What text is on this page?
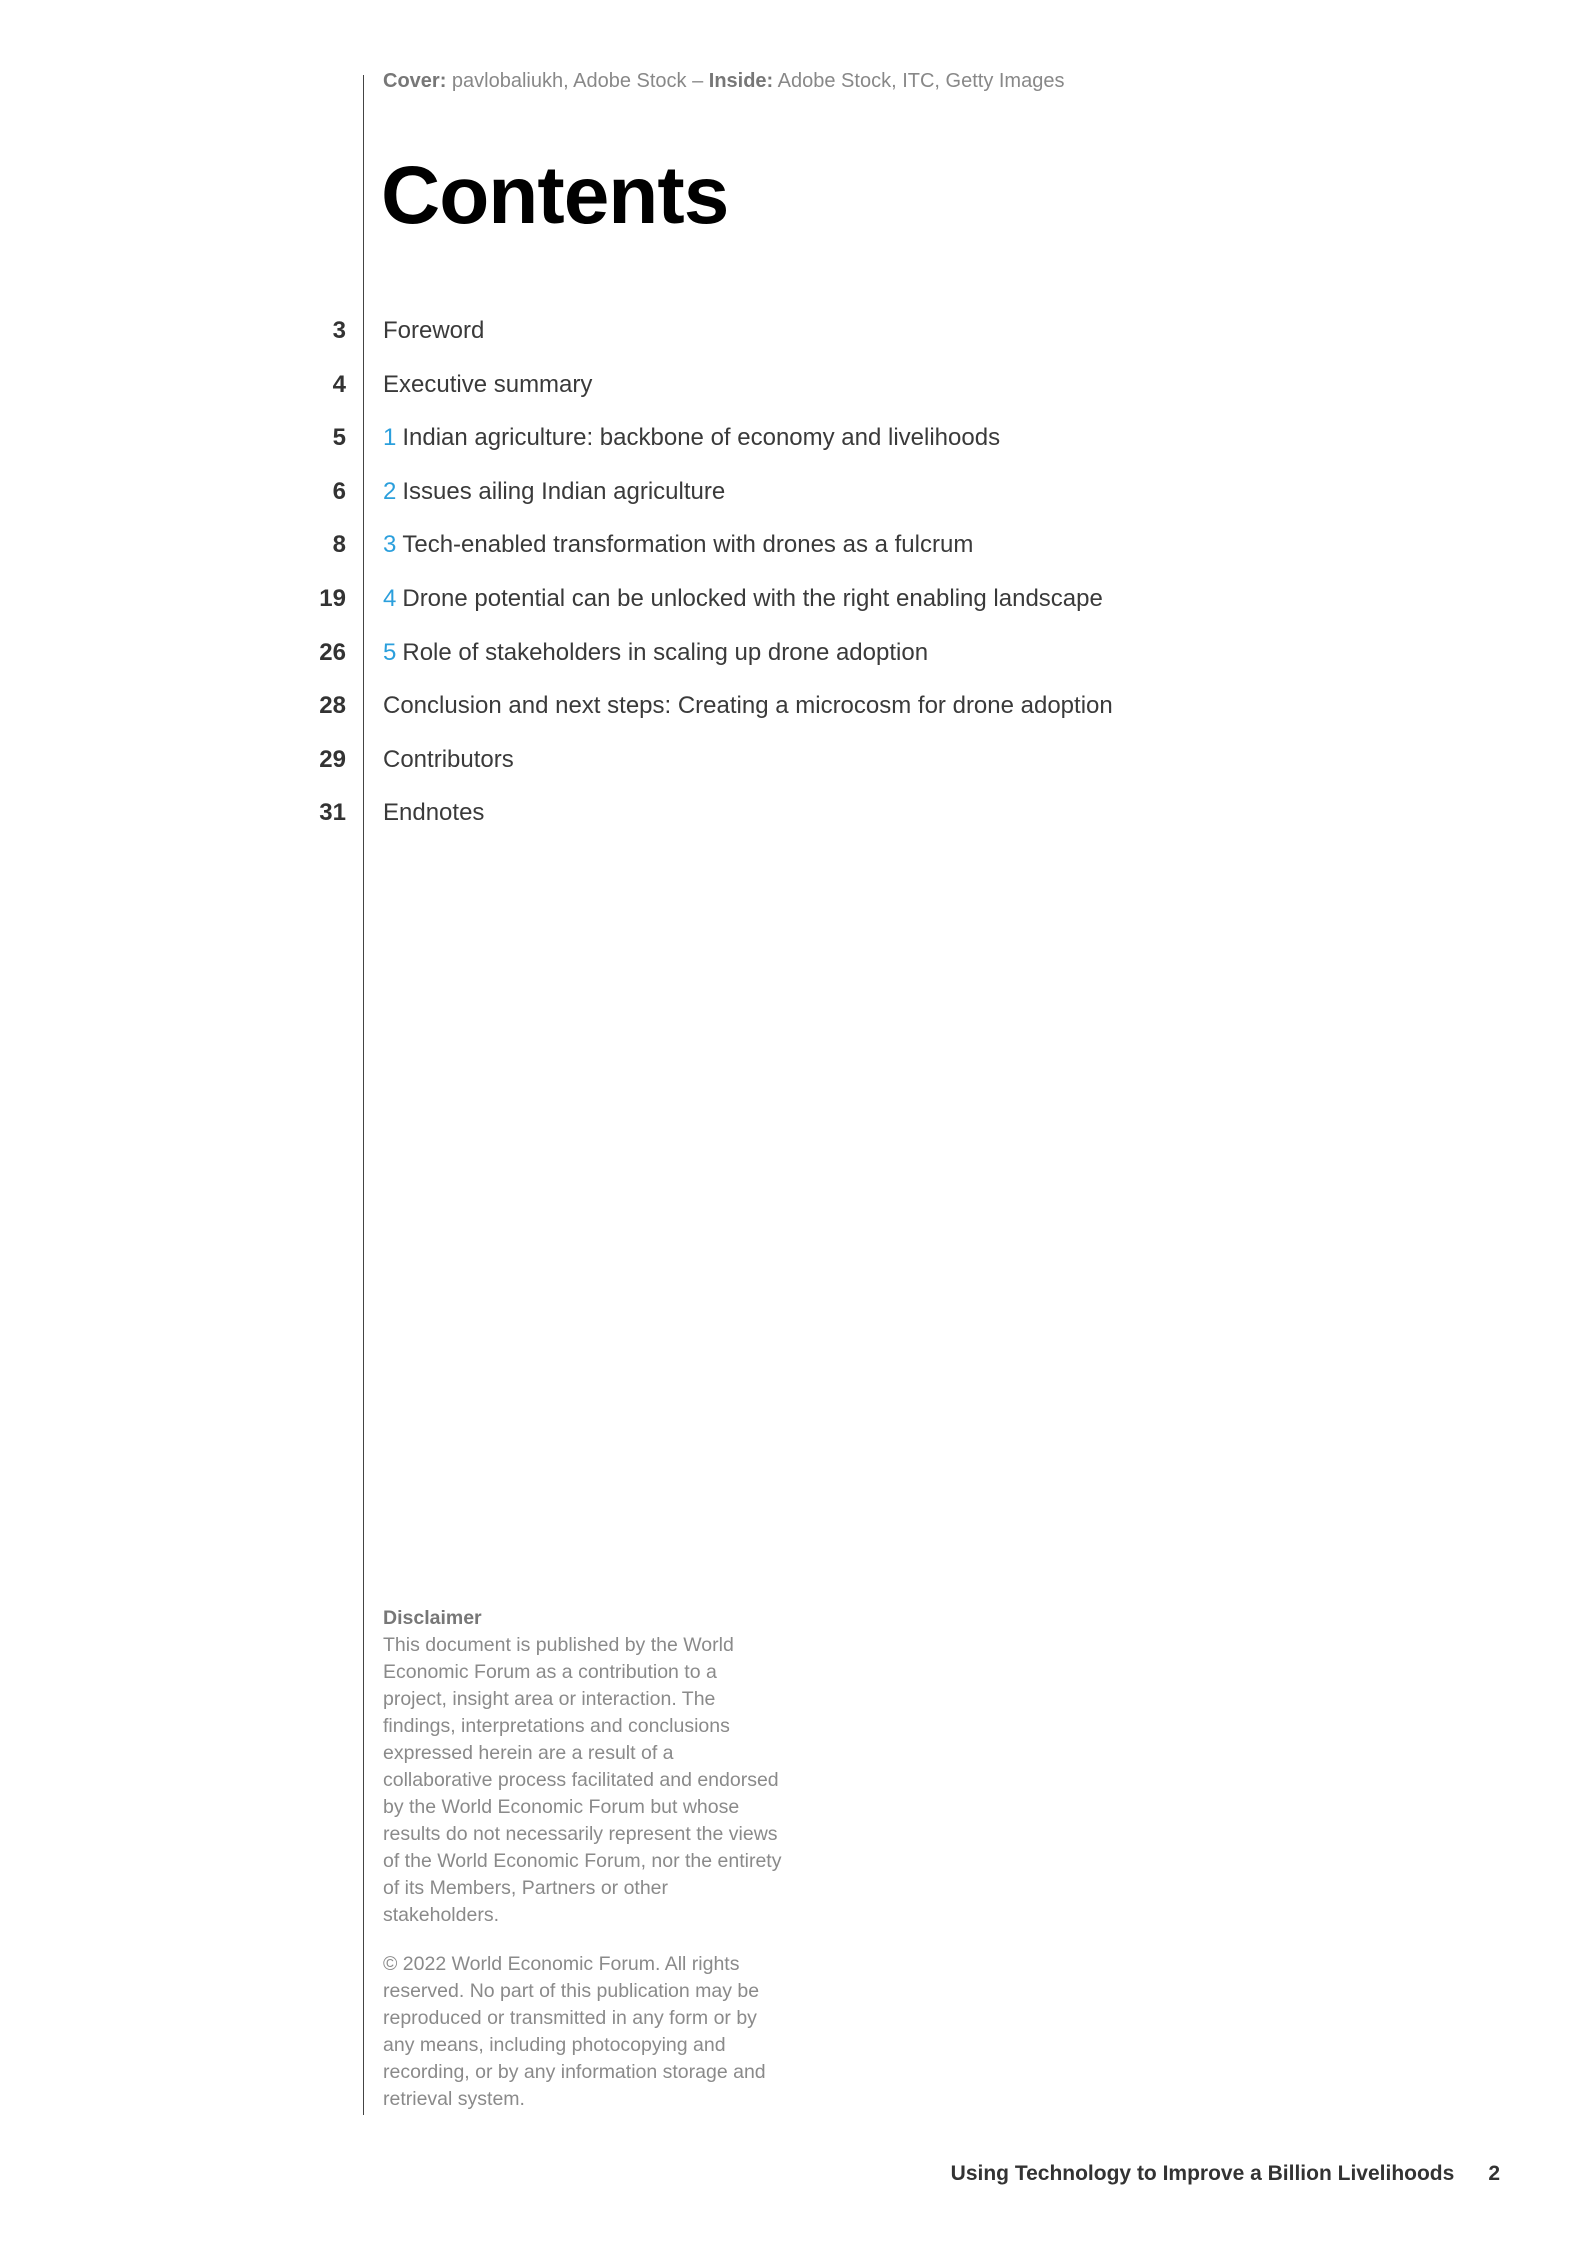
Cover: pavlobaliukh, Adobe Stock – Inside: Adobe Stock, ITC, Getty Images
Contents
3 Foreword
4 Executive summary
5 1 Indian agriculture: backbone of economy and livelihoods
6 2 Issues ailing Indian agriculture
8 3 Tech-enabled transformation with drones as a fulcrum
19 4 Drone potential can be unlocked with the right enabling landscape
26 5 Role of stakeholders in scaling up drone adoption
28 Conclusion and next steps: Creating a microcosm for drone adoption
29 Contributors
31 Endnotes

Disclaimer

This document is published by the World Economic Forum as a contribution to a project, insight area or interaction. The findings, interpretations and conclusions expressed herein are a result of a collaborative process facilitated and endorsed by the World Economic Forum but whose results do not necessarily represent the views of the World Economic Forum, nor the entirety of its Members, Partners or other stakeholders.

© 2022 World Economic Forum. All rights reserved. No part of this publication may be reproduced or transmitted in any form or by any means, including photocopying and recording, or by any information storage and retrieval system.

Using Technology to Improve a Billion Livelihoods 2
